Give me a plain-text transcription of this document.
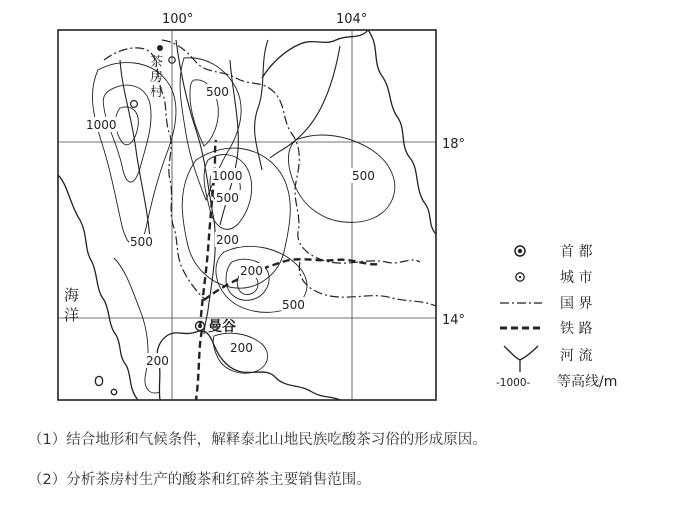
1000
500
1000
500
200
500
200
500
500
200
200
100°	104°
18°
14°
海洋
曼谷
茶房村
首 都
城 市
国 界
铁 路
河 流
-1000- 等高线/m
（1）结合地形和气候条件，解释泰北山地民族吃酸茶习俗的形成原因。
（2）分析茶房村生产的酸茶和红碎茶主要销售范围。
